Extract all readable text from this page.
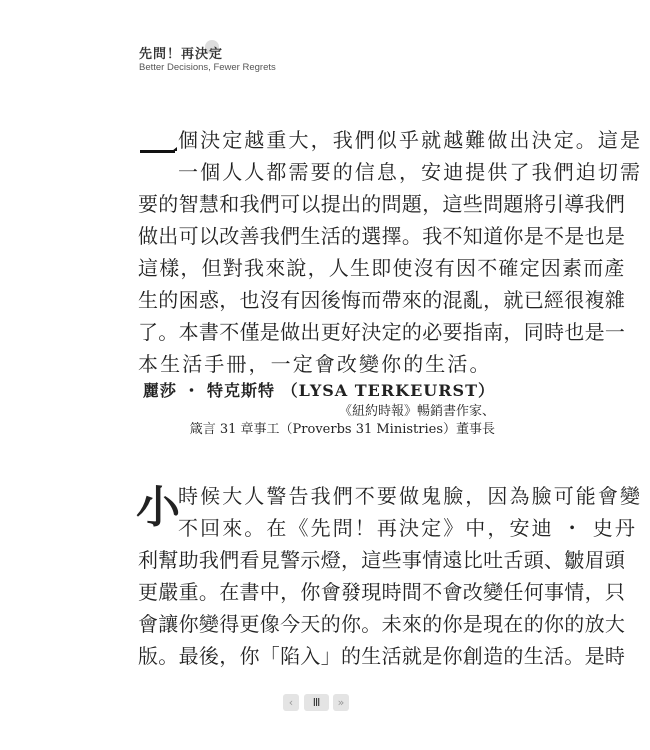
先問！再決定
Better Decisions, Fewer Regrets
個決定越重大，我們似乎就越難做出決定。這是
一個人人都需要的信息，安迪提供了我們迫切需
要的智慧和我們可以提出的問題，這些問題將引導我們
做出可以改善我們生活的選擇。我不知道你是不是也是
這樣，但對我來說，人生即使沒有因不確定因素而產
生的困惑，也沒有因後悔而帶來的混亂，就已經很複雜
了。本書不僅是做出更好決定的必要指南，同時也是一
本生活手冊，一定會改變你的生活。
麗莎 ・ 特克斯特 （LYSA TERKEURST）
《紐約時報》暢銷書作家、
箴言 31 章事工（Proverbs 31 Ministries）董事長
小
時候大人警告我們不要做鬼臉，因為臉可能會變
不回來。在《先問！再決定》中，安迪 ・ 史丹
利幫助我們看見警示燈，這些事情遠比吐舌頭、皺眉頭
更嚴重。在書中，你會發現時間不會改變任何事情，只
會讓你變得更像今天的你。未來的你是現在的你的放大
版。最後，你「陷入」的生活就是你創造的生活。是時
‹	Ⅲ	»
